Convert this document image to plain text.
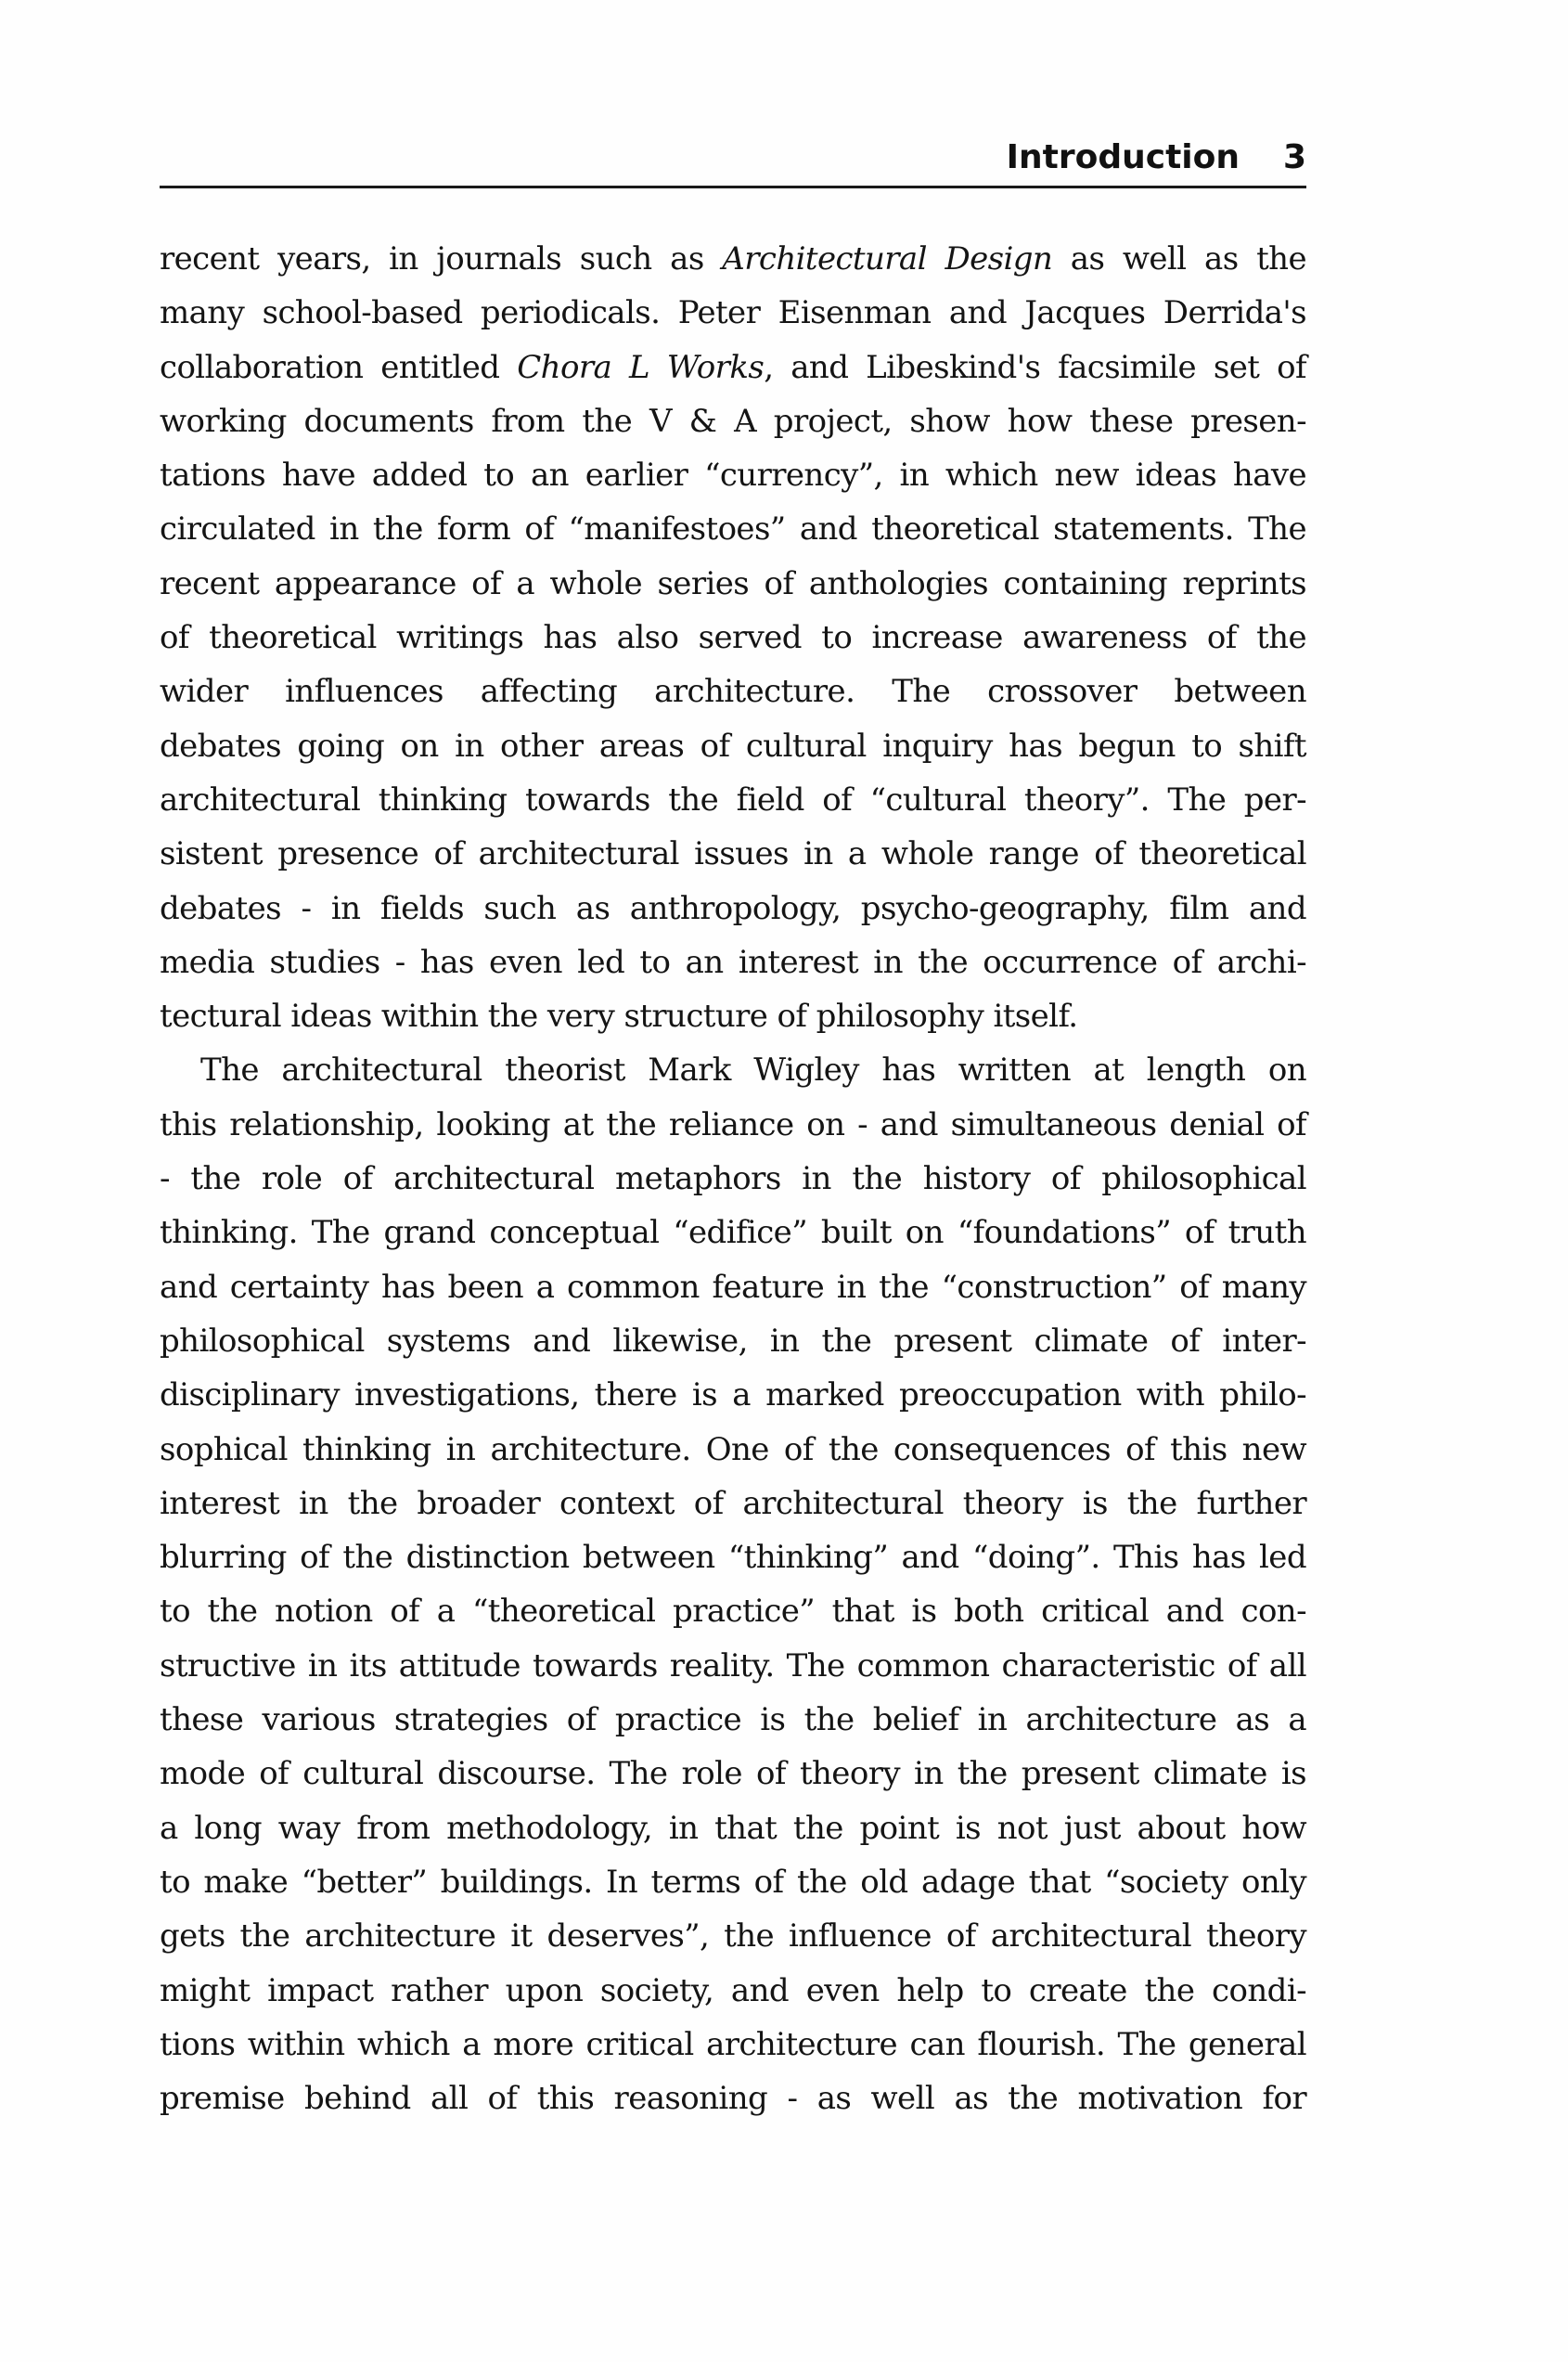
Introduction 3
recent years, in journals such as Architectural Design as well as the
many school-based periodicals. Peter Eisenman and Jacques Derrida's
collaboration entitled Chora L Works, and Libeskind's facsimile set of
working documents from the V & A project, show how these presen-
tations have added to an earlier “currency”, in which new ideas have
circulated in the form of “manifestoes” and theoretical statements. The
recent appearance of a whole series of anthologies containing reprints
of theoretical writings has also served to increase awareness of the
wider influences affecting architecture. The crossover between
debates going on in other areas of cultural inquiry has begun to shift
architectural thinking towards the field of “cultural theory”. The per-
sistent presence of architectural issues in a whole range of theoretical
debates - in fields such as anthropology, psycho-geography, film and
media studies - has even led to an interest in the occurrence of archi-
tectural ideas within the very structure of philosophy itself.
The architectural theorist Mark Wigley has written at length on
this relationship, looking at the reliance on - and simultaneous denial of
- the role of architectural metaphors in the history of philosophical
thinking. The grand conceptual “edifice” built on “foundations” of truth
and certainty has been a common feature in the “construction” of many
philosophical systems and likewise, in the present climate of inter-
disciplinary investigations, there is a marked preoccupation with philo-
sophical thinking in architecture. One of the consequences of this new
interest in the broader context of architectural theory is the further
blurring of the distinction between “thinking” and “doing”. This has led
to the notion of a “theoretical practice” that is both critical and con-
structive in its attitude towards reality. The common characteristic of all
these various strategies of practice is the belief in architecture as a
mode of cultural discourse. The role of theory in the present climate is
a long way from methodology, in that the point is not just about how
to make “better” buildings. In terms of the old adage that “society only
gets the architecture it deserves”, the influence of architectural theory
might impact rather upon society, and even help to create the condi-
tions within which a more critical architecture can flourish. The general
premise behind all of this reasoning - as well as the motivation for
